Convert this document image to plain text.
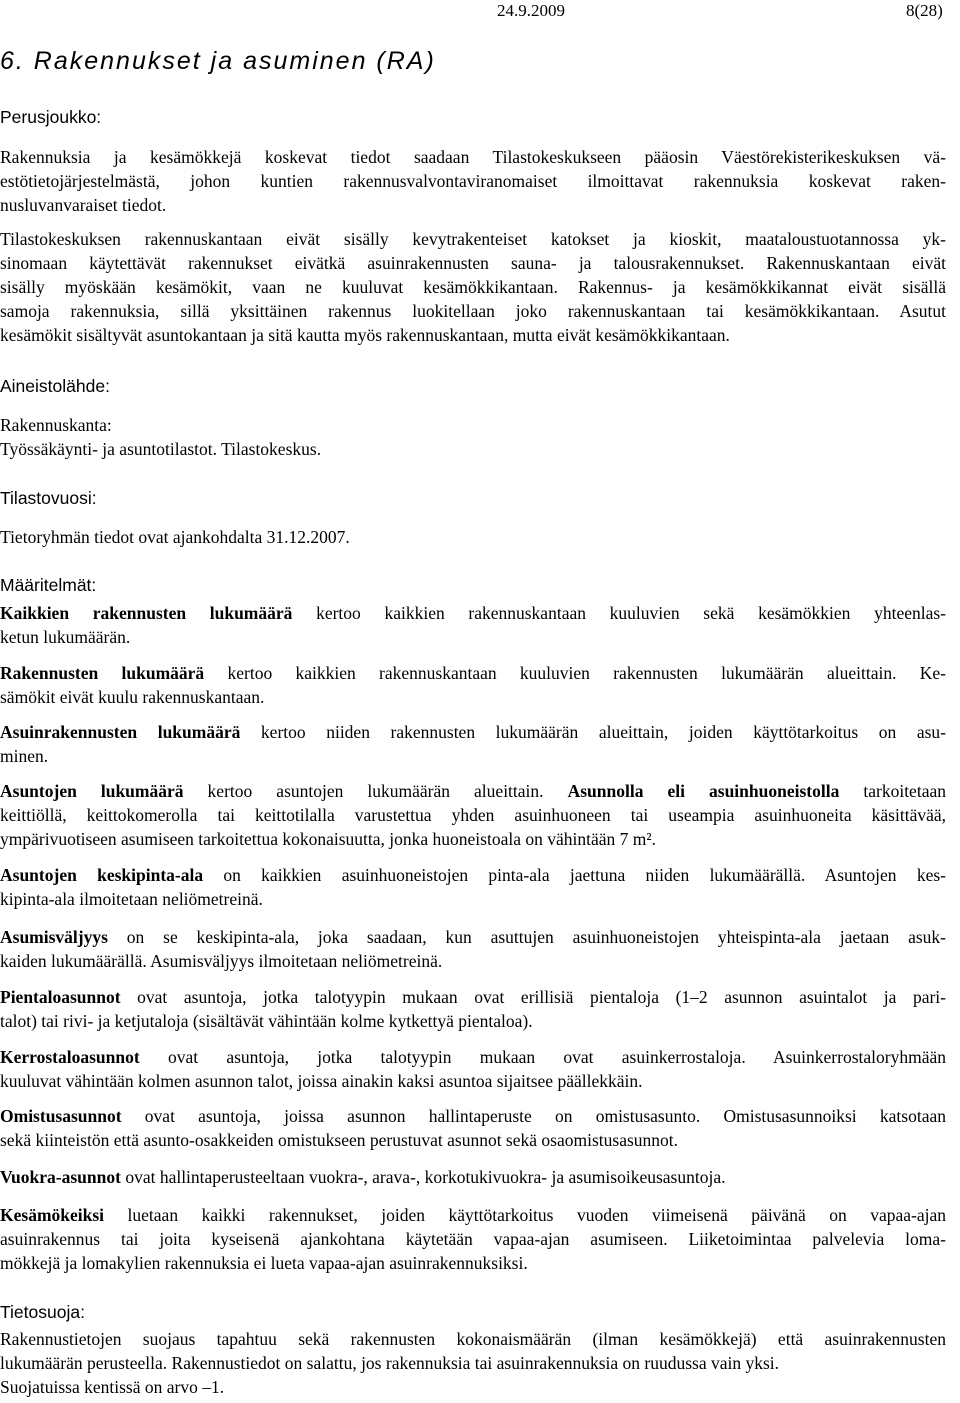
24.9.2009	8(28)
6. Rakennukset ja asuminen (RA)
Perusjoukko:
Rakennuksia ja kesämökkejä koskevat tiedot saadaan Tilastokeskukseen pääosin Väestörekisterikeskuksen vä-
estötietojärjestelmästä, johon kuntien rakennusvalvontaviranomaiset ilmoittavat rakennuksia koskevat raken-
nusluvanvaraiset tiedot.
Tilastokeskuksen rakennuskantaan eivät sisälly kevytrakenteiset katokset ja kioskit, maataloustuotannossa yk-
sinomaan käytettävät rakennukset eivätkä asuinrakennusten sauna- ja talousrakennukset. Rakennuskantaan eivät
sisälly myöskään kesämökit, vaan ne kuuluvat kesämökkikantaan. Rakennus- ja kesämökkikannat eivät sisällä
samoja rakennuksia, sillä yksittäinen rakennus luokitellaan joko rakennuskantaan tai kesämökkikantaan. Asutut
kesämökit sisältyvät asuntokantaan ja sitä kautta myös rakennuskantaan, mutta eivät kesämökkikantaan.
Aineistolähde:
Rakennuskanta:
Työssäkäynti- ja asuntotilastot. Tilastokeskus.
Tilastovuosi:
Tietoryhmän tiedot ovat ajankohdalta 31.12.2007.
Määritelmät:
Kaikkien rakennusten lukumäärä kertoo kaikkien rakennuskantaan kuuluvien sekä kesämökkien yhteenlas-
ketun lukumäärän.
Rakennusten lukumäärä kertoo kaikkien rakennuskantaan kuuluvien rakennusten lukumäärän alueittain. Ke-
sämökit eivät kuulu rakennuskantaan.
Asuinrakennusten lukumäärä kertoo niiden rakennusten lukumäärän alueittain, joiden käyttötarkoitus on asu-
minen.
Asuntojen lukumäärä kertoo asuntojen lukumäärän alueittain. Asunnolla eli asuinhuoneistolla tarkoitetaan
keittiöllä, keittokomerolla tai keittotilalla varustettua yhden asuinhuoneen tai useampia asuinhuoneita käsittävää,
ympärivuotiseen asumiseen tarkoitettua kokonaisuutta, jonka huoneistoala on vähintään 7 m².
Asuntojen keskipinta-ala on kaikkien asuinhuoneistojen pinta-ala jaettuna niiden lukumäärällä. Asuntojen kes-
kipinta-ala ilmoitetaan neliömetreinä.
Asumisväljyys on se keskipinta-ala, joka saadaan, kun asuttujen asuinhuoneistojen yhteispinta-ala jaetaan asuk-
kaiden lukumäärällä. Asumisväljyys ilmoitetaan neliömetreinä.
Pientaloasunnot ovat asuntoja, jotka talotyypin mukaan ovat erillisiä pientaloja (1–2 asunnon asuintalot ja pari-
talot) tai rivi- ja ketjutaloja (sisältävät vähintään kolme kytkettyä pientaloa).
Kerrostaloasunnot ovat asuntoja, jotka talotyypin mukaan ovat asuinkerrostaloja. Asuinkerrostaloryhmään
kuuluvat vähintään kolmen asunnon talot, joissa ainakin kaksi asuntoa sijaitsee päällekkäin.
Omistusasunnot ovat asuntoja, joissa asunnon hallintaperuste on omistusasunto. Omistusasunnoiksi katsotaan
sekä kiinteistön että asunto-osakkeiden omistukseen perustuvat asunnot sekä osaomistusasunnot.
Vuokra-asunnot ovat hallintaperusteeltaan vuokra-, arava-, korkotukivuokra- ja asumisoikeusasuntoja.
Kesämökeiksi luetaan kaikki rakennukset, joiden käyttötarkoitus vuoden viimeisenä päivänä on vapaa-ajan
asuinrakennus tai joita kyseisenä ajankohtana käytetään vapaa-ajan asumiseen. Liiketoimintaa palvelevia loma-
mökkejä ja lomakylien rakennuksia ei lueta vapaa-ajan asuinrakennuksiksi.
Tietosuoja:
Rakennustietojen suojaus tapahtuu sekä rakennusten kokonaismäärän (ilman kesämökkejä) että asuinrakennusten
lukumäärän perusteella. Rakennustiedot on salattu, jos rakennuksia tai asuinrakennuksia on ruudussa vain yksi.
Suojatuissa kentissä on arvo –1.
